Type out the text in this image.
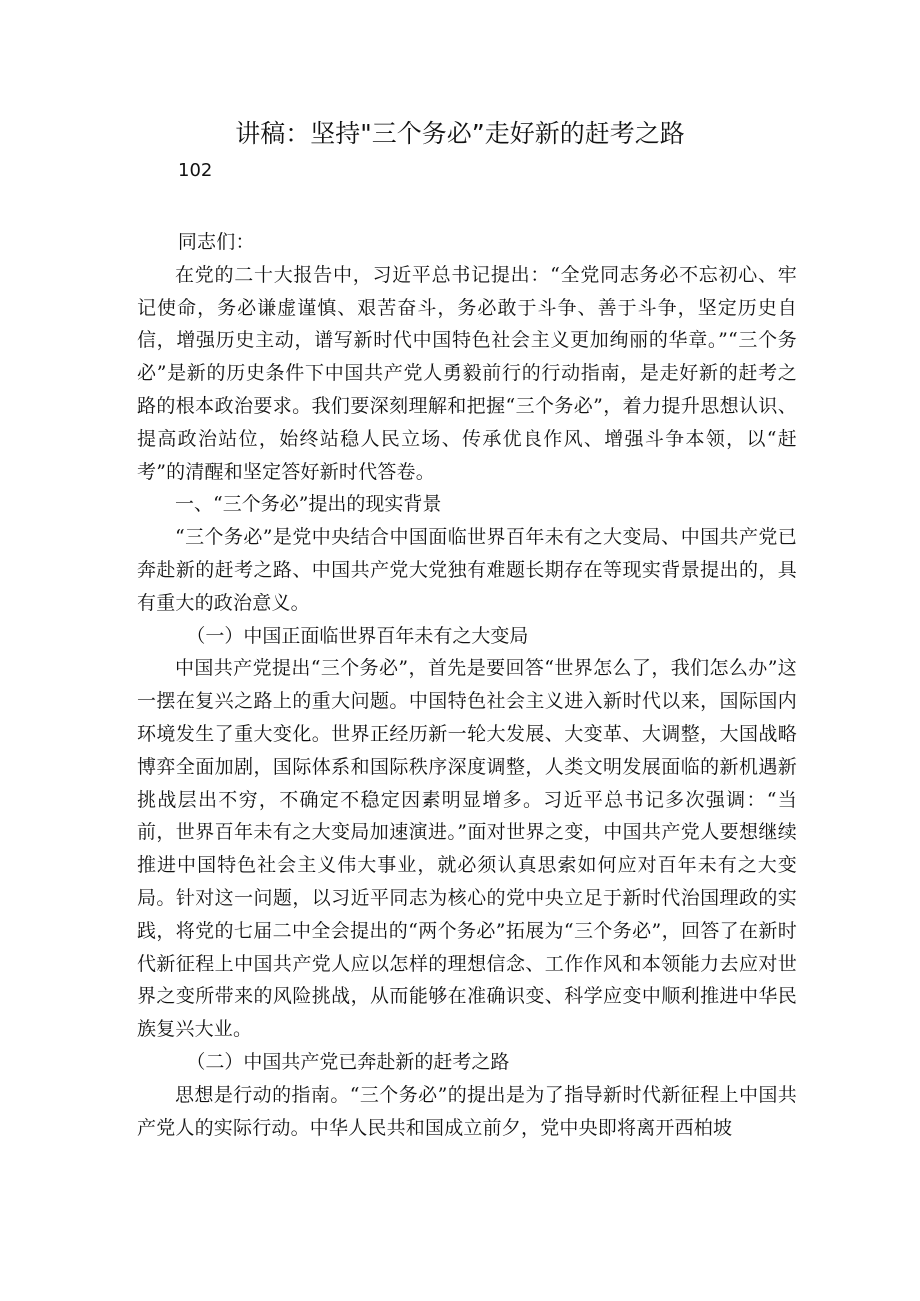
讲稿：坚持"三个务必”走好新的赶考之路
102

同志们：

在党的二十大报告中，习近平总书记提出：“全党同志务必不忘初心、牢记使命，务必谦虚谨慎、艰苦奋斗，务必敢于斗争、善于斗争，坚定历史自信，增强历史主动，谱写新时代中国特色社会主义更加绚丽的华章。”“三个务必”是新的历史条件下中国共产党人勇毅前行的行动指南，是走好新的赶考之路的根本政治要求。我们要深刻理解和把握“三个务必”，着力提升思想认识、提高政治站位，始终站稳人民立场、传承优良作风、增强斗争本领，以“赶考”的清醒和坚定答好新时代答卷。

一、“三个务必”提出的现实背景

“三个务必”是党中央结合中国面临世界百年未有之大变局、中国共产党已奔赴新的赶考之路、中国共产党大党独有难题长期存在等现实背景提出的，具有重大的政治意义。

（一）中国正面临世界百年未有之大变局

中国共产党提出“三个务必”，首先是要回答“世界怎么了，我们怎么办”这一摆在复兴之路上的重大问题。中国特色社会主义进入新时代以来，国际国内环境发生了重大变化。世界正经历新一轮大发展、大变革、大调整，大国战略博弈全面加剧，国际体系和国际秩序深度调整，人类文明发展面临的新机遇新挑战层出不穷，不确定不稳定因素明显增多。习近平总书记多次强调：“当前，世界百年未有之大变局加速演进。”面对世界之变，中国共产党人要想继续推进中国特色社会主义伟大事业，就必须认真思索如何应对百年未有之大变局。针对这一问题，以习近平同志为核心的党中央立足于新时代治国理政的实践，将党的七届二中全会提出的“两个务必”拓展为“三个务必”，回答了在新时代新征程上中国共产党人应以怎样的理想信念、工作作风和本领能力去应对世界之变所带来的风险挑战，从而能够在准确识变、科学应变中顺利推进中华民族复兴大业。

（二）中国共产党已奔赴新的赶考之路

思想是行动的指南。“三个务必”的提出是为了指导新时代新征程上中国共产党人的实际行动。中华人民共和国成立前夕，党中央即将离开西柏坡
